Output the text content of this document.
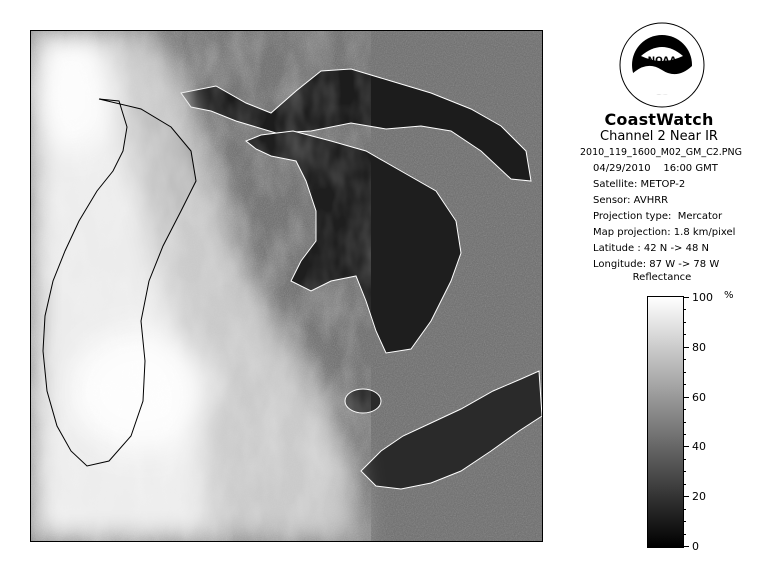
NOAA
CoastWatch
Channel 2 Near IR
2010_119_1600_M02_GM_C2.PNG
04/29/2010    16:00 GMT
Satellite: METOP-2
Sensor: AVHRR
Projection type:  Mercator
Map projection: 1.8 km/pixel
Latitude : 42 N -> 48 N
Longitude: 87 W -> 78 W
Reflectance
%
100
80
60
40
20
0
